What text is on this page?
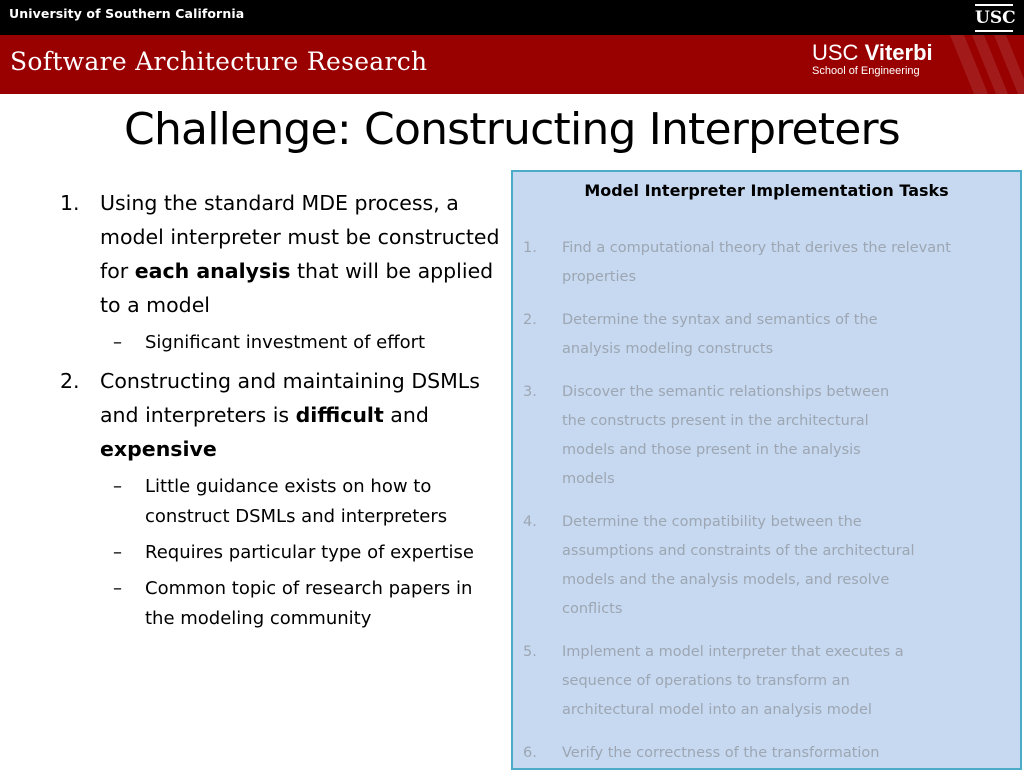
University of Southern California	USC
Software Architecture Research	USC Viterbi
School of Engineering
Challenge: Constructing Interpreters
1. Using the standard MDE process, a model interpreter must be constructed for each analysis that will be applied to a model
– Significant investment of effort
2. Constructing and maintaining DSMLs and interpreters is difficult and expensive
– Little guidance exists on how to construct DSMLs and interpreters
– Requires particular type of expertise
– Common topic of research papers in the modeling community
Model Interpreter Implementation Tasks
1. Find a computational theory that derives the relevant
properties
2. Determine the syntax and semantics of the
analysis modeling constructs
3. Discover the semantic relationships between
the constructs present in the architectural
models and those present in the analysis
models
4. Determine the compatibility between the
assumptions and constraints of the architectural
models and the analysis models, and resolve
conflicts
5. Implement a model interpreter that executes a
sequence of operations to transform an
architectural model into an analysis model
6. Verify the correctness of the transformation
